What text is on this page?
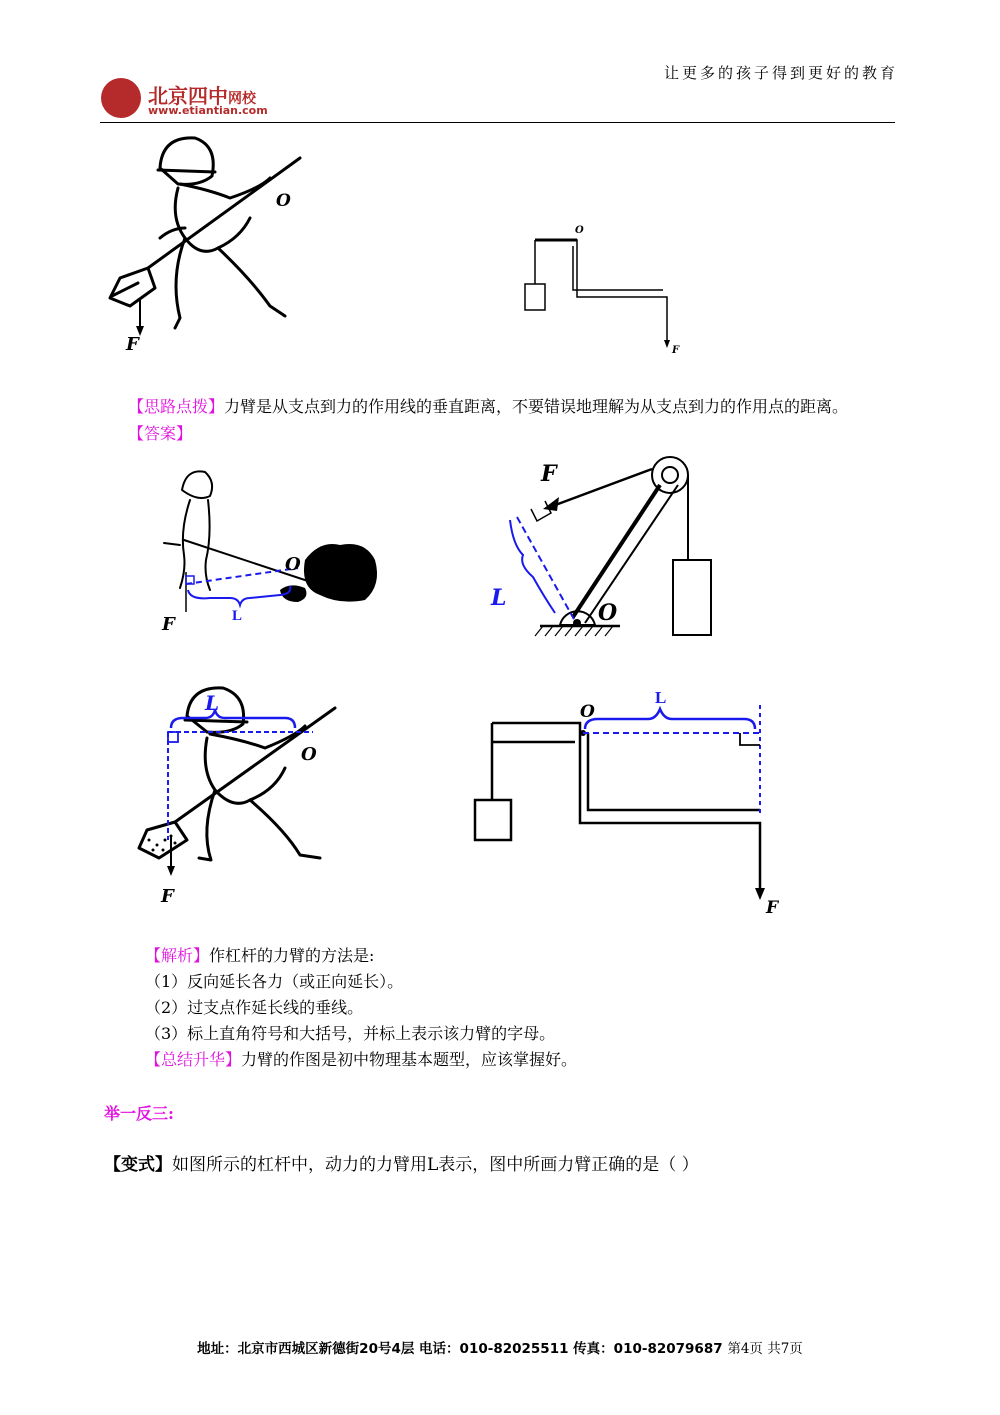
北京四中网校
www.etiantian.com
让更多的孩子得到更好的教育
F
O
O
F
【思路点拨】力臂是从支点到力的作用线的垂直距离，不要错误地理解为从支点到力的作用点的距离。
【答案】
O
F	L
F
L
O
L
O
F
O
L
F
【解析】作杠杆的力臂的方法是:
（1）反向延长各力（或正向延长）。
（2）过支点作延长线的垂线。
（3）标上直角符号和大括号，并标上表示该力臂的字母。
【总结升华】力臂的作图是初中物理基本题型，应该掌握好。
举一反三:
【变式】如图所示的杠杆中，动力的力臂用L表示，图中所画力臂正确的是（ ）
地址：北京市西城区新德街20号4层 电话：010-82025511 传真：010-82079687 第4页 共7页
